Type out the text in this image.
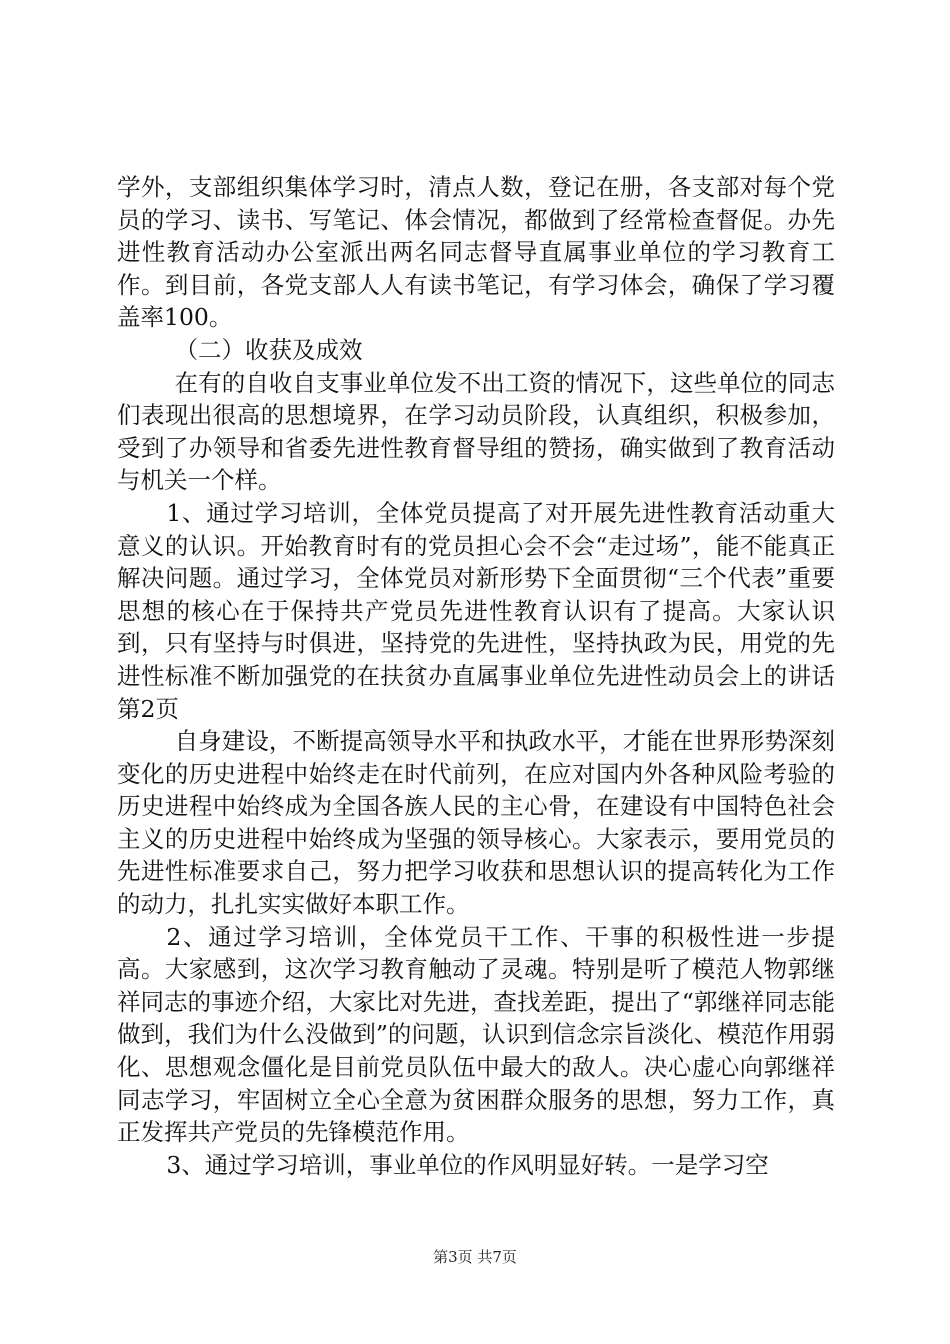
学外，支部组织集体学习时，清点人数，登记在册，各支部对每个党员的学习、读书、写笔记、体会情况，都做到了经常检查督促。办先进性教育活动办公室派出两名同志督导直属事业单位的学习教育工作。到目前，各党支部人人有读书笔记，有学习体会，确保了学习覆盖率100。

（二）收获及成效

在有的自收自支事业单位发不出工资的情况下，这些单位的同志们表现出很高的思想境界，在学习动员阶段，认真组织，积极参加，受到了办领导和省委先进性教育督导组的赞扬，确实做到了教育活动与机关一个样。

1、通过学习培训，全体党员提高了对开展先进性教育活动重大意义的认识。开始教育时有的党员担心会不会“走过场”，能不能真正解决问题。通过学习，全体党员对新形势下全面贯彻“三个代表”重要思想的核心在于保持共产党员先进性教育认识有了提高。大家认识到，只有坚持与时俱进，坚持党的先进性，坚持执政为民，用党的先进性标准不断加强党的在扶贫办直属事业单位先进性动员会上的讲话第2页

自身建设，不断提高领导水平和执政水平，才能在世界形势深刻变化的历史进程中始终走在时代前列，在应对国内外各种风险考验的历史进程中始终成为全国各族人民的主心骨，在建设有中国特色社会主义的历史进程中始终成为坚强的领导核心。大家表示，要用党员的先进性标准要求自己，努力把学习收获和思想认识的提高转化为工作的动力，扎扎实实做好本职工作。

2、通过学习培训，全体党员干工作、干事的积极性进一步提高。大家感到，这次学习教育触动了灵魂。特别是听了模范人物郭继祥同志的事迹介绍，大家比对先进，查找差距，提出了“郭继祥同志能做到，我们为什么没做到”的问题，认识到信念宗旨淡化、模范作用弱化、思想观念僵化是目前党员队伍中最大的敌人。决心虚心向郭继祥同志学习，牢固树立全心全意为贫困群众服务的思想，努力工作，真正发挥共产党员的先锋模范作用。

3、通过学习培训，事业单位的作风明显好转。一是学习空

第3页 共7页
